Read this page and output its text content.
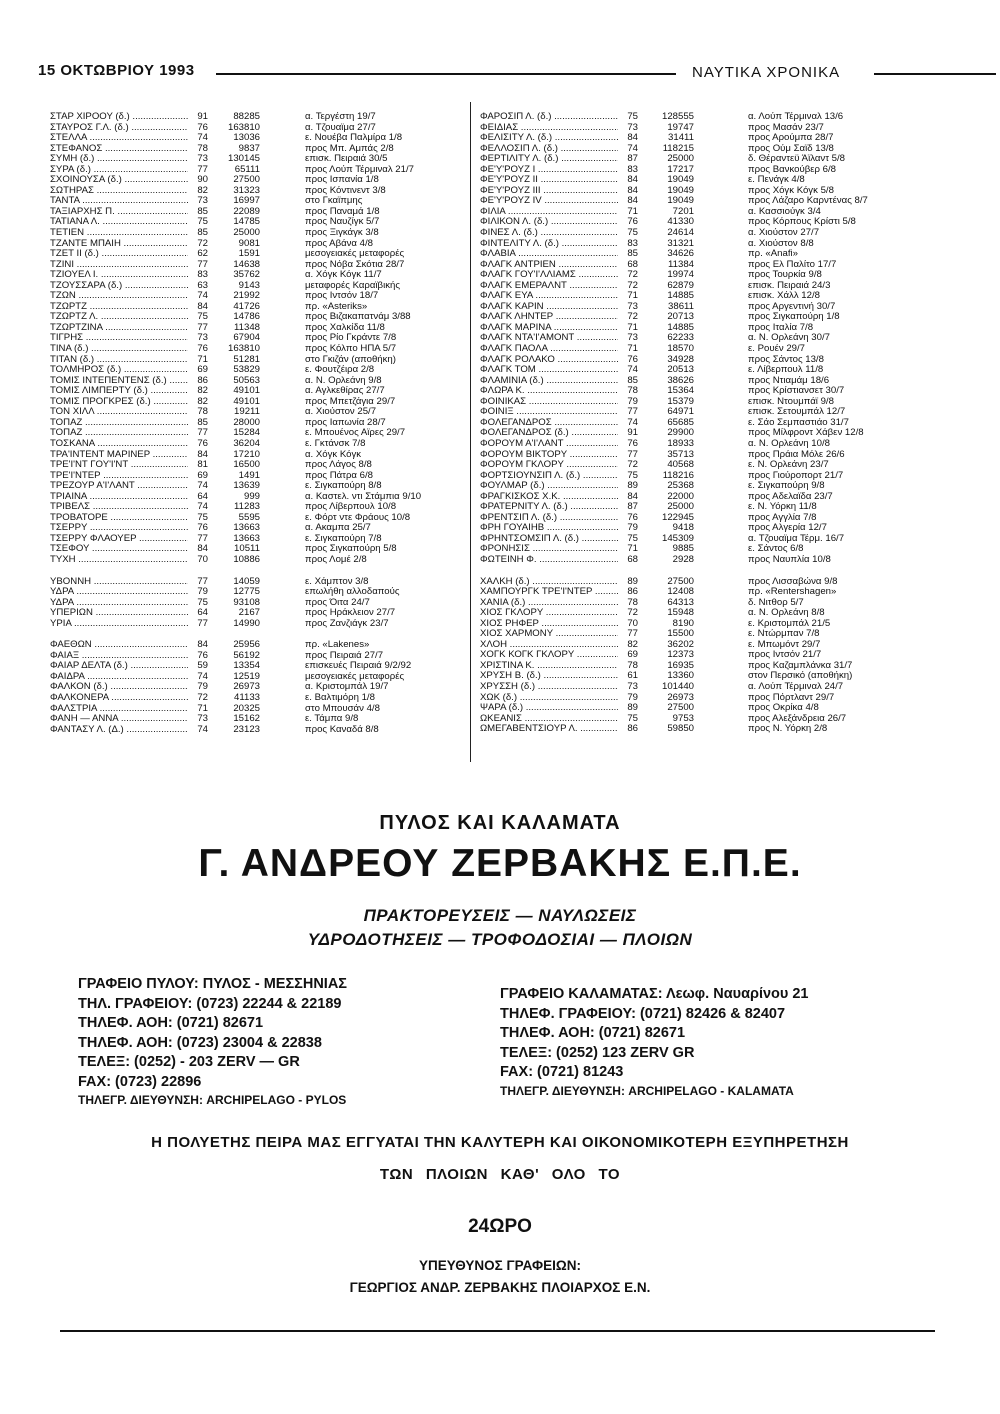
15 ΟΚΤΩΒΡΙΟΥ 1993	ΝΑΥΤΙΚΑ ΧΡΟΝΙΚΑ
ΣΤΑΡ ΧΙΡΟΟΥ (δ.) .....	91	88285	α. Τεργέστη 19/7
ΣΤΑΥΡΟΣ Γ.Λ. (δ.) .....	76	163810	α. Τζουαϊμα 27/7
ΣΤΕΛΛΑ .....	74	13036	ε. Νουέβα Παλμίρα 1/8
ΣΤΕΦΑΝΟΣ .....	78	9837	προς Μπ. Αμπάς 2/8
ΣΥΜΗ (δ.) .....	73	130145	επισκ. Πειραιά 30/5
ΣΥΡΑ (δ.) .....	77	65111	προς Λούπ Τέρμιναλ 21/7
ΣΧΟΙΝΟΥΣΑ (δ.) .....	90	27500	προς Ισπανία 1/8
ΣΩΤΗΡΑΣ .....	82	31323	προς Κόντινεντ 3/8
ΤΑΝΤΑ .....	73	16997	στο Γκαϊπμης
ΤΑΞΙΑΡΧΗΣ Π. .....	85	22089	προς Παναμά 1/8
ΤΑΤΙΑΝΑ Λ. .....	75	14785	προς Ναυζίγκ 5/7
ΤΕΤΙΕΝ .....	85	25000	προς Ξιγκάγκ 3/8
ΤΖΑΝΤΕ ΜΠΑΙΗ .....	72	9081	προς Αβάνα 4/8
ΤΖΕΤ II (δ.) .....	62	1591	μεσογειακές μεταφορές
ΤΖΙΝΙ .....	77	14638	προς Νόβα Σκότια 28/7
ΤΖΙΟΥΕΛ Ι. .....	83	35762	α. Χόγκ Κόγκ 11/7
ΤΖΟΥΣΣΑΡΑ (δ.) .....	63	9143	μεταφορές Καραϊβικής
ΤΖΩΝ .....	74	21992	προς Ιντσόν 18/7
ΤΖΩΡΤΖ .....	84	41726	πρ. «Asteriks»
ΤΖΩΡΤΖ Λ. .....	75	14786	προς Βιζακαπατνάμ 3/88
ΤΖΩΡΤΖΙΝΑ .....	77	11348	προς Χαλκίδα 11/8
ΤΙΓΡΗΣ .....	73	67904	προς Ρίο Γκράντε 7/8
ΤΙΝΑ (δ.) .....	76	163810	προς Κόλπο ΗΠΑ 5/7
ΤΙΤΑΝ (δ.) .....	71	51281	στο Γκιζάν (αποθήκη)
ΤΟΛΜΗΡΟΣ (δ.) .....	69	53829	ε. Φουτζέιρα 2/8
ΤΟΜΙΣ ΙΝΤΕΠΕΝΤΕΝΣ (δ.) .....	86	50563	α. Ν. Ορλεάνη 9/8
ΤΟΜΙΣ ΛΙΜΠΕΡΤΥ (δ.) .....	82	49101	α. Αγλκεθίρας 27/7
ΤΟΜΙΣ ΠΡΟΓΚΡΕΣ (δ.) .....	82	49101	προς Μπετζάγια 29/7
ΤΟΝ ΧΙΛΛ .....	78	19211	α. Χιούστον 25/7
ΤΟΠΑΖ .....	85	28000	προς Ιαπωνία 28/7
ΤΟΠΑΖ .....	77	15284	ε. Μπουένος Αϊρες 29/7
ΤΟΣΚΑΝΑ .....	76	36204	ε. Γκτάνσκ 7/8
ΤΡΑ'ΙΝΤΕΝΤ ΜΑΡΙΝΕΡ .....	84	17210	α. Χόγκ Κόγκ
ΤΡΕ'Ι'ΝΤ ΓΟΥ'Ι'ΝΤ .....	81	16500	προς Λάγος 8/8
ΤΡΕ'Ι'ΝΤΕΡ .....	69	1491	προς Πάτρα 6/8
ΤΡΕΖΟΥΡ Α'Ι'ΛΑΝΤ .....	74	13639	ε. Σιγκαπούρη 8/8
ΤΡΙΑΙΝΑ .....	64	999	α. Καστελ. ντι Στάμπια 9/10
ΤΡΙΒΕΛΣ .....	74	11283	προς Λίβερπουλ 10/8
ΤΡΟΒΑΤΟΡΕ .....	75	5595	ε. Φόρτ ντε Φράους 10/8
ΤΣΕΡΡΥ .....	76	13663	α. Ακαμπα 25/7
ΤΣΕΡΡΥ ΦΛΑΟΥΕΡ .....	77	13663	ε. Σιγκαπούρη 7/8
ΤΣΕΦΟΥ .....	84	10511	προς Σιγκαπούρη 5/8
ΤΥΧΗ .....	70	10886	προς Λομέ 2/8
ΥΒΟΝΝΗ .....	77	14059	ε. Χάμπτον 3/8
ΥΔΡΑ .....	79	12775	επωλήθη αλλοδαπούς
ΥΔΡΑ .....	75	93108	προς Όιτα 24/7
ΥΠΕΡΙΩΝ .....	64	2167	προς Ηράκλειον 27/7
ΥΡΙΑ .....	77	14990	προς Ζανζιάγκ 23/7
ΦΑΕΘΩΝ .....	84	25956	πρ. «Lakenes»
ΦΑΙΑΞ .....	76	56192	προς Πειραιά 27/7
ΦΑΙΑΡ ΔΕΛΤΑ (δ.) .....	59	13354	επισκευές Πειραιά 9/2/92
ΦΑΙΔΡΑ .....	74	12519	μεσογειακές μεταφορές
ΦΑΛΚΟΝ (δ.) .....	79	26973	α. Κριστομπάλ 19/7
ΦΑΛΚΟΝΕΡΑ .....	72	41133	ε. Βαλτιμόρη 1/8
ΦΑΛΣΤΡΙΑ .....	71	20325	στο Μπουσάν 4/8
ΦΑΝΗ — ΑΝΝΑ .....	73	15162	ε. Τάμπα 9/8
ΦΑΝΤΑΣΥ Λ. (Δ.) .....	74	23123	προς Καναδά 8/8
ΦΑΡΟΣΙΠ Λ. (δ.) .....	75	128555	α. Λούπ Τέρμιναλ 13/6
ΦΕΙΔΙΑΣ .....	73	19747	προς Μασάν 23/7
ΦΕΛΙΣΙΤΥ Λ. (δ.) .....	84	31411	προς Αρούμπα 28/7
ΦΕΛΛΟΣΙΠ Λ. (δ.) .....	74	118215	προς Ούμ Σαϊδ 13/8
ΦΕΡΤΙΛΙΤΥ Λ. (δ.) .....	87	25000	δ. Θέραντεϋ Άϊλαντ 5/8
ΦΕ'Υ'ΡΟΥΖ Ι .....	83	17217	προς Βανκούβερ 6/8
ΦΕ'Υ'ΡΟΥΖ ΙΙ .....	84	19049	ε. Πενάγκ 4/8
ΦΕ'Υ'ΡΟΥΖ ΙΙΙ .....	84	19049	προς Χόγκ Κόγκ 5/8
ΦΕ'Υ'ΡΟΥΖ ΙV .....	84	19049	προς Λάζαρο Καρντένας 8/7
ΦΙΛΙΑ .....	71	7201	α. Κασσιούγκ 3/4
ΦΙΛΙΚΟΝ Λ. (δ.) .....	76	41330	προς Κόρπους Κρίστι 5/8
ΦΙΝΕΣ Λ. (δ.) .....	75	24614	α. Χιούστον 27/7
ΦΙΝΤΕΛΙΤΥ Λ. (δ.) .....	83	31321	α. Χιούστον 8/8
ΦΛΑΒΙΑ .....	85	34626	πρ. «Anafi»
ΦΛΑΓΚ ΑΝΤΡΙΕΝ .....	68	11384	προς Ελ Παλίτο 17/7
ΦΛΑΓΚ ΓΟΥ'Ι'ΛΛΙΑΜΣ .....	72	19974	προς Τουρκία 9/8
ΦΛΑΓΚ ΕΜΕΡΑΛΝΤ .....	72	62879	επισκ. Πειραιά 24/3
ΦΛΑΓΚ ΕΥΑ .....	71	14885	επισκ. Χάλλ 12/8
ΦΛΑΓΚ ΚΑΡΙΝ .....	73	38611	προς Αργεντινή 30/7
ΦΛΑΓΚ ΛΗΝΤΕΡ .....	72	20713	προς Σιγκαπούρη 1/8
ΦΛΑΓΚ ΜΑΡΙΝΑ .....	71	14885	προς Ιταλία 7/8
ΦΛΑΓΚ ΝΤΑ'Ι'ΑΜΟΝΤ .....	73	62233	α. Ν. Ορλεάνη 30/7
ΦΛΑΓΚ ΠΑΟΛΑ .....	71	18570	ε. Ρουέν 29/7
ΦΛΑΓΚ ΡΟΛΑΚΟ .....	76	34928	προς Σάντος 13/8
ΦΛΑΓΚ ΤΟΜ .....	74	20513	ε. Λίβερπουλ 11/8
ΦΛΑΜΙΝΙΑ (δ.) .....	85	38626	προς Ντιαμάμ 18/6
ΦΛΩΡΑ Κ. .....	78	15364	προς Κρίστιανσετ 30/7
ΦΟΙΝΙΚΑΣ .....	79	15379	επισκ. Ντουμπάϊ 9/8
ΦΟΙΝΙΞ .....	77	64971	επισκ. Σετουμπάλ 12/7
ΦΟΛΕΓΑΝΔΡΟΣ .....	74	65685	ε. Σάο Σεμπαστιάο 31/7
ΦΟΛΕΓΑΝΔΡΟΣ (δ.) .....	91	29900	προς Μίλφροντ Χάβεν 12/8
ΦΟΡΟΥΜ Α'Ι'ΛΑΝΤ .....	76	18933	α. Ν. Ορλεάνη 10/8
ΦΟΡΟΥΜ ΒΙΚΤΟΡΥ .....	77	35713	προς Πράια Μόλε 26/6
ΦΟΡΟΥΜ ΓΚΛΟΡΥ .....	72	40568	ε. Ν. Ορλεάνη 23/7
ΦΟΡΤΣΙΟΥΝΣΙΠ Λ. (δ.) .....	75	118216	προς Γιούροπορτ 21/7
ΦΟΥΛΜΑΡ (δ.) .....	89	25368	ε. Σιγκαπούρη 9/8
ΦΡΑΓΚΙΣΚΟΣ Χ.Κ. .....	84	22000	προς Αδελαϊδα 23/7
ΦΡΑΤΕΡΝΙΤΥ Λ. (δ.) .....	87	25000	ε. Ν. Υόρκη 11/8
ΦΡΕΝΤΣΙΠ Λ. (δ.) .....	76	122945	προς Αγγλία 7/8
ΦΡΗ ΓΟΥΑΙΗΒ .....	79	9418	προς Αλγερία 12/7
ΦΡΗΝΤΣΟΜΣΙΠ Λ. (δ.) .....	75	145309	α. Τζουαϊμα Τέρμ. 16/7
ΦΡΟΝΗΣΙΣ .....	71	9885	ε. Σάντος 6/8
ΦΩΤΕΙΝΗ Φ. .....	68	2928	προς Ναυπλία 10/8
ΧΑΛΚΗ (δ.) .....	89	27500	προς Λισσαβώνα 9/8
ΧΑΜΠΟΥΡΓΚ ΤΡΕ'Ι'ΝΤΕΡ .....	86	12408	πρ. «Rentershagen»
ΧΑΝΙΑ (δ.) .....	78	64313	δ. Νιτθορ 5/7
ΧΙΟΣ ΓΚΛΟΡΥ .....	72	15948	α. Ν. Ορλεάνη 8/8
ΧΙΟΣ ΡΗΦΕΡ .....	70	8190	ε. Κριστομπάλ 21/5
ΧΙΟΣ ΧΑΡΜΟΝΥ .....	77	15500	ε. Ντώρμπαν 7/8
ΧΛΟΗ .....	82	36202	ε. Μπωμόντ 29/7
ΧΟΓΚ ΚΟΓΚ ΓΚΛΟΡΥ .....	69	12373	προς Ιντσόν 21/7
ΧΡΙΣΤΙΝΑ Κ. .....	78	16935	προς Καζαμπλάνκα 31/7
ΧΡΥΣΗ Β. (δ.) .....	61	13360	στον Περσικό (αποθήκη)
ΧΡΥΣΣΗ (δ.) .....	73	101440	α. Λούπ Τέρμιναλ 24/7
ΧΩΚ (δ.) .....	79	26973	προς Πόρτλαντ 29/7
ΨΑΡΑ (δ.) .....	89	27500	προς Οκρίκα 4/8
ΩΚΕΑΝΙΣ .....	75	9753	προς Αλεξάνδρεια 26/7
ΩΜΕΓΑΒΕΝΤΣΙΟΥΡ Λ. .....	86	59850	προς Ν. Υόρκη 2/8
ΠΥΛΟΣ ΚΑΙ ΚΑΛΑΜΑΤΑ
Γ. ΑΝΔΡΕΟΥ ΖΕΡΒΑΚΗΣ Ε.Π.Ε.
ΠΡΑΚΤΟΡΕΥΣΕΙΣ — ΝΑΥΛΩΣΕΙΣ
ΥΔΡΟΔΟΤΗΣΕΙΣ — ΤΡΟΦΟΔΟΣΙΑΙ — ΠΛΟΙΩΝ
ΓΡΑΦΕΙΟ ΠΥΛΟΥ: ΠΥΛΟΣ - ΜΕΣΣΗΝΙΑΣ
ΤΗΛ. ΓΡΑΦΕΙΟΥ: (0723) 22244 & 22189
ΤΗΛΕΦ. ΑΟΗ: (0721) 82671
ΤΗΛΕΦ. ΑΟΗ: (0723) 23004 & 22838
ΤΕΛΕΞ: (0252) - 203 ZERV — GR
FAX: (0723) 22896
ΤΗΛΕΓΡ. ΔΙΕΥΘΥΝΣΗ: ARCHIPELAGO - PYLOS
ΓΡΑΦΕΙΟ ΚΑΛΑΜΑΤΑΣ: Λεωφ. Ναυαρίνου 21
ΤΗΛΕΦ. ΓΡΑΦΕΙΟΥ: (0721) 82426 & 82407
ΤΗΛΕΦ. ΑΟΗ: (0721) 82671
ΤΕΛΕΞ: (0252) 123 ZERV GR
FAX: (0721) 81243
ΤΗΛΕΓΡ. ΔΙΕΥΘΥΝΣΗ: ARCHIPELAGO - KALAMATA
Η ΠΟΛΥΕΤΗΣ ΠΕΙΡΑ ΜΑΣ ΕΓΓΥΑΤΑΙ ΤΗΝ ΚΑΛΥΤΕΡΗ ΚΑΙ ΟΙΚΟΝΟΜΙΚΟΤΕΡΗ ΕΞΥΠΗΡΕΤΗΣΗ
ΤΩΝ ΠΛΟΙΩΝ ΚΑΘ' ΟΛΟ ΤΟ
24ΩΡΟ
ΥΠΕΥΘΥΝΟΣ ΓΡΑΦΕΙΩΝ:
ΓΕΩΡΓΙΟΣ ΑΝΔΡ. ΖΕΡΒΑΚΗΣ ΠΛΟΙΑΡΧΟΣ Ε.Ν.
